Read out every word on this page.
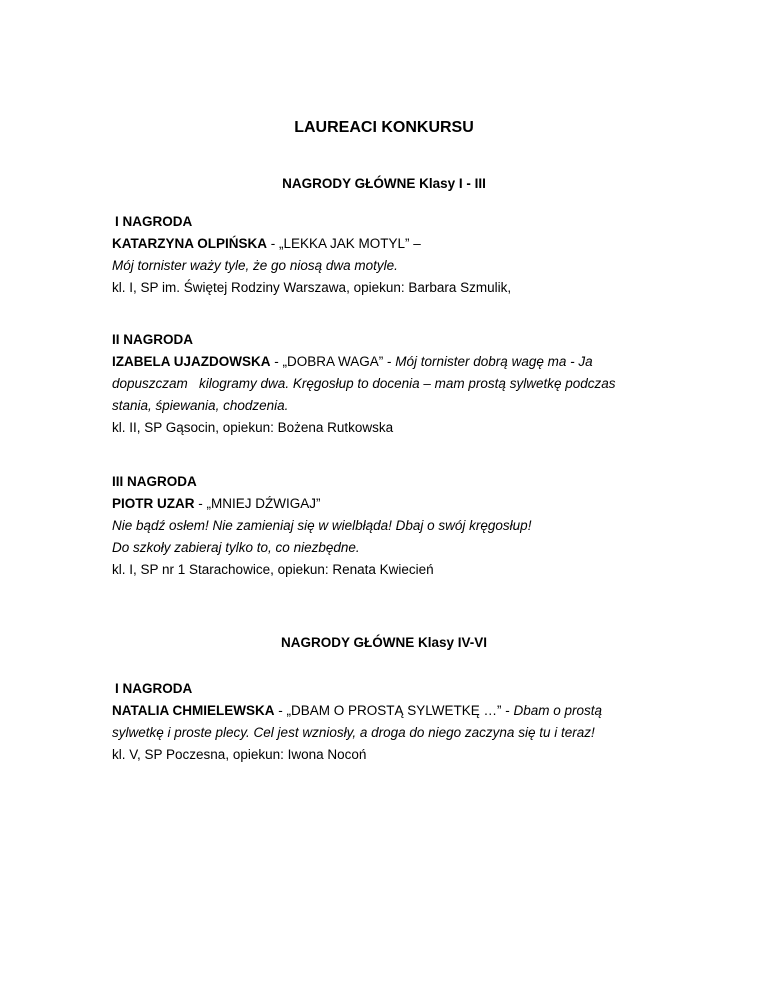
LAUREACI KONKURSU
NAGRODY GŁÓWNE Klasy I - III
I NAGRODA
KATARZYNA OLPIŃSKA - „LEKKA JAK MOTYL” –
Mój tornister waży tyle, że go niosą dwa motyle.
kl. I, SP im. Świętej Rodziny Warszawa, opiekun: Barbara Szmulik,
II NAGRODA
IZABELA UJAZDOWSKA - „DOBRA WAGA” - Mój tornister dobrą wagę ma - Ja
dopuszczam   kilogramy dwa. Kręgosłup to docenia – mam prostą sylwetkę podczas
stania, śpiewania, chodzenia.
kl. II, SP Gąsocin, opiekun: Bożena Rutkowska
III NAGRODA
PIOTR UZAR - „MNIEJ DŹWIGAJ”
Nie bądź osłem! Nie zamieniaj się w wielbłąda! Dbaj o swój kręgosłup!
Do szkoły zabieraj tylko to, co niezbędne.
kl. I, SP nr 1 Starachowice, opiekun: Renata Kwiecień
NAGRODY GŁÓWNE Klasy IV-VI
I NAGRODA
NATALIA CHMIELEWSKA - „DBAM O PROSTĄ SYLWETKĘ …” - Dbam o prostą
sylwetkę i proste plecy. Cel jest wzniosły, a droga do niego zaczyna się tu i teraz!
kl. V, SP Poczesna, opiekun: Iwona Nocoń
